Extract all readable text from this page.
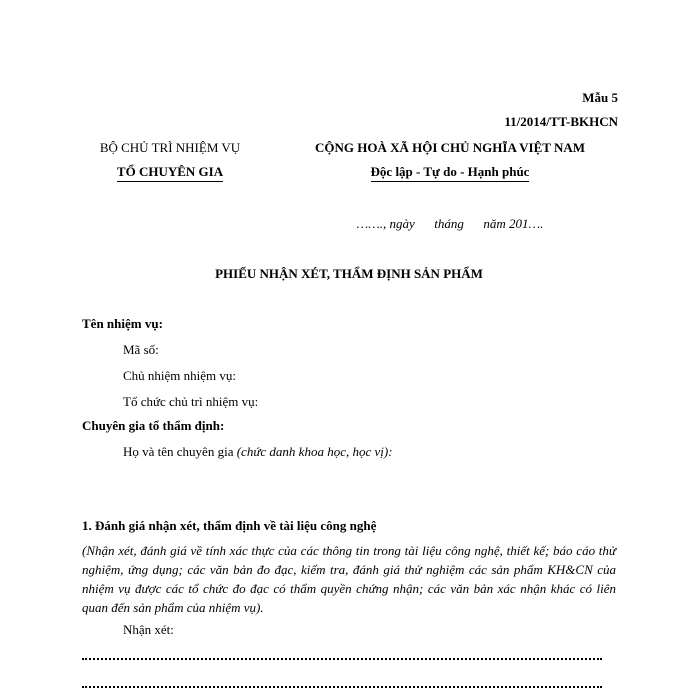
Mẫu 5
11/2014/TT-BKHCN
BỘ CHỦ TRÌ NHIỆM VỤ
TỔ CHUYÊN GIA
CỘNG HOÀ XÃ HỘI CHỦ NGHĨA VIỆT NAM
Độc lập - Tự do - Hạnh phúc
……., ngày      tháng      năm 201….
PHIẾU NHẬN XÉT, THẨM ĐỊNH SẢN PHẨM
Tên nhiệm vụ:
Mã số:
Chủ nhiệm nhiệm vụ:
Tổ chức chủ trì nhiệm vụ:
Chuyên gia tổ thẩm định:
Họ và tên chuyên gia (chức danh khoa học, học vị):
1. Đánh giá nhận xét, thẩm định về tài liệu công nghệ
(Nhận xét, đánh giá về tính xác thực của các thông tin trong tài liệu công nghệ, thiết kế; báo cáo thử nghiệm, ứng dụng; các văn bản đo đạc, kiểm tra, đánh giá thử nghiệm các sản phẩm KH&CN của nhiệm vụ được các tổ chức đo đạc có thẩm quyền chứng nhận; các văn bản xác nhận khác có liên quan đến sản phẩm của nhiệm vụ).
Nhận xét:
